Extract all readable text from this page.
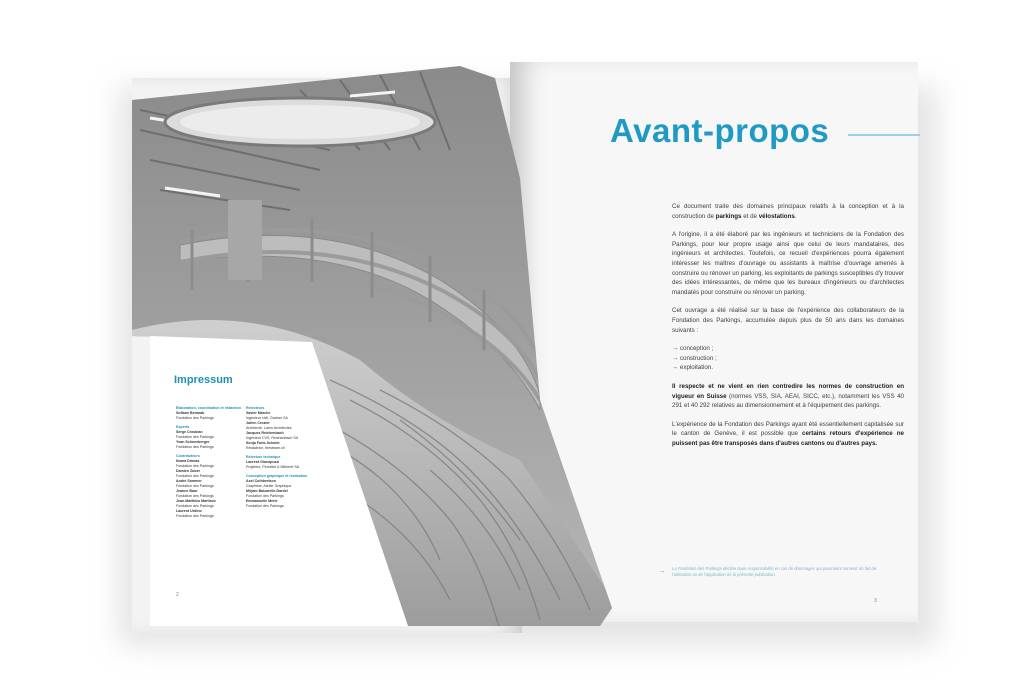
Impressum
Élaboration, coordination et rédaction
Sofiane Benarab
Fondation des Parkings
Experts
Serge Crosbian
Fondation des Parkings
Yvan Schneeberger
Fondation des Parkings
Contributeurs
Ileana Drimas
Fondation des Parkings
Damien Zuber
Fondation des Parkings
André Sommer
Fondation des Parkings
Jeanne Baur
Fondation des Parkings
Jean-Matthieu Martinez
Fondation des Parkings
Laurent Urdino
Fondation des Parkings
Relecteurs
Xavier Marche
Ingénieur civil, Gartner SA
Julien Crozier
Architecte, Lamo Architectes
Jacques Reichenbach
Ingénieur CVS, Reichenbach SA
Sonja Funk-Scholer
Rédactrice, thesteam.ch
Relecture technique
Laurent Giacopuzzi
Projeteur, Perrottet & Millerret SA
Conception graphique et réalisation
Axel Cuthbertson
Graphiste, Atelier Graphique
Mirjam Balzarelle-Dardel
Fondation des Parkings
Emmanuelle Merle
Fondation des Parkings
2
Avant-propos

Ce document traite des domaines principaux relatifs à la conception et à la construction de parkings et de vélostations.

A l'origine, il a été élaboré par les ingénieurs et techniciens de la Fondation des Parkings, pour leur propre usage ainsi que celui de leurs mandataires, des ingénieurs et architectes. Toutefois, ce recueil d'expériences pourra également intéresser les maîtres d'ouvrage ou assistants à maîtrise d'ouvrage amenés à construire ou rénover un parking, les exploitants de parkings susceptibles d'y trouver des idées intéressantes, de même que les bureaux d'ingénieurs ou d'architectes mandatés pour construire ou rénover un parking.

Cet ouvrage a été réalisé sur la base de l'expérience des collaborateurs de la Fondation des Parkings, accumulée depuis plus de 50 ans dans les domaines suivants :

→ conception ;
→ construction ;
→ exploitation.

Il respecte et ne vient en rien contredire les normes de construction en vigueur en Suisse (normes VSS, SIA, AEAI, SICC, etc.), notamment les VSS 40 291 et 40 292 relatives au dimensionnement et à l'équipement des parkings.

L'expérience de la Fondation des Parkings ayant été essentiellement capitalisée sur le canton de Genève, il est possible que certains retours d'expérience ne puissent pas être transposés dans d'autres cantons ou d'autres pays.

→ La Fondation des Parkings décline toute responsabilité en cas de dommages qui pourraient survenir du fait de l'utilisation ou de l'application de la présente publication.
3
